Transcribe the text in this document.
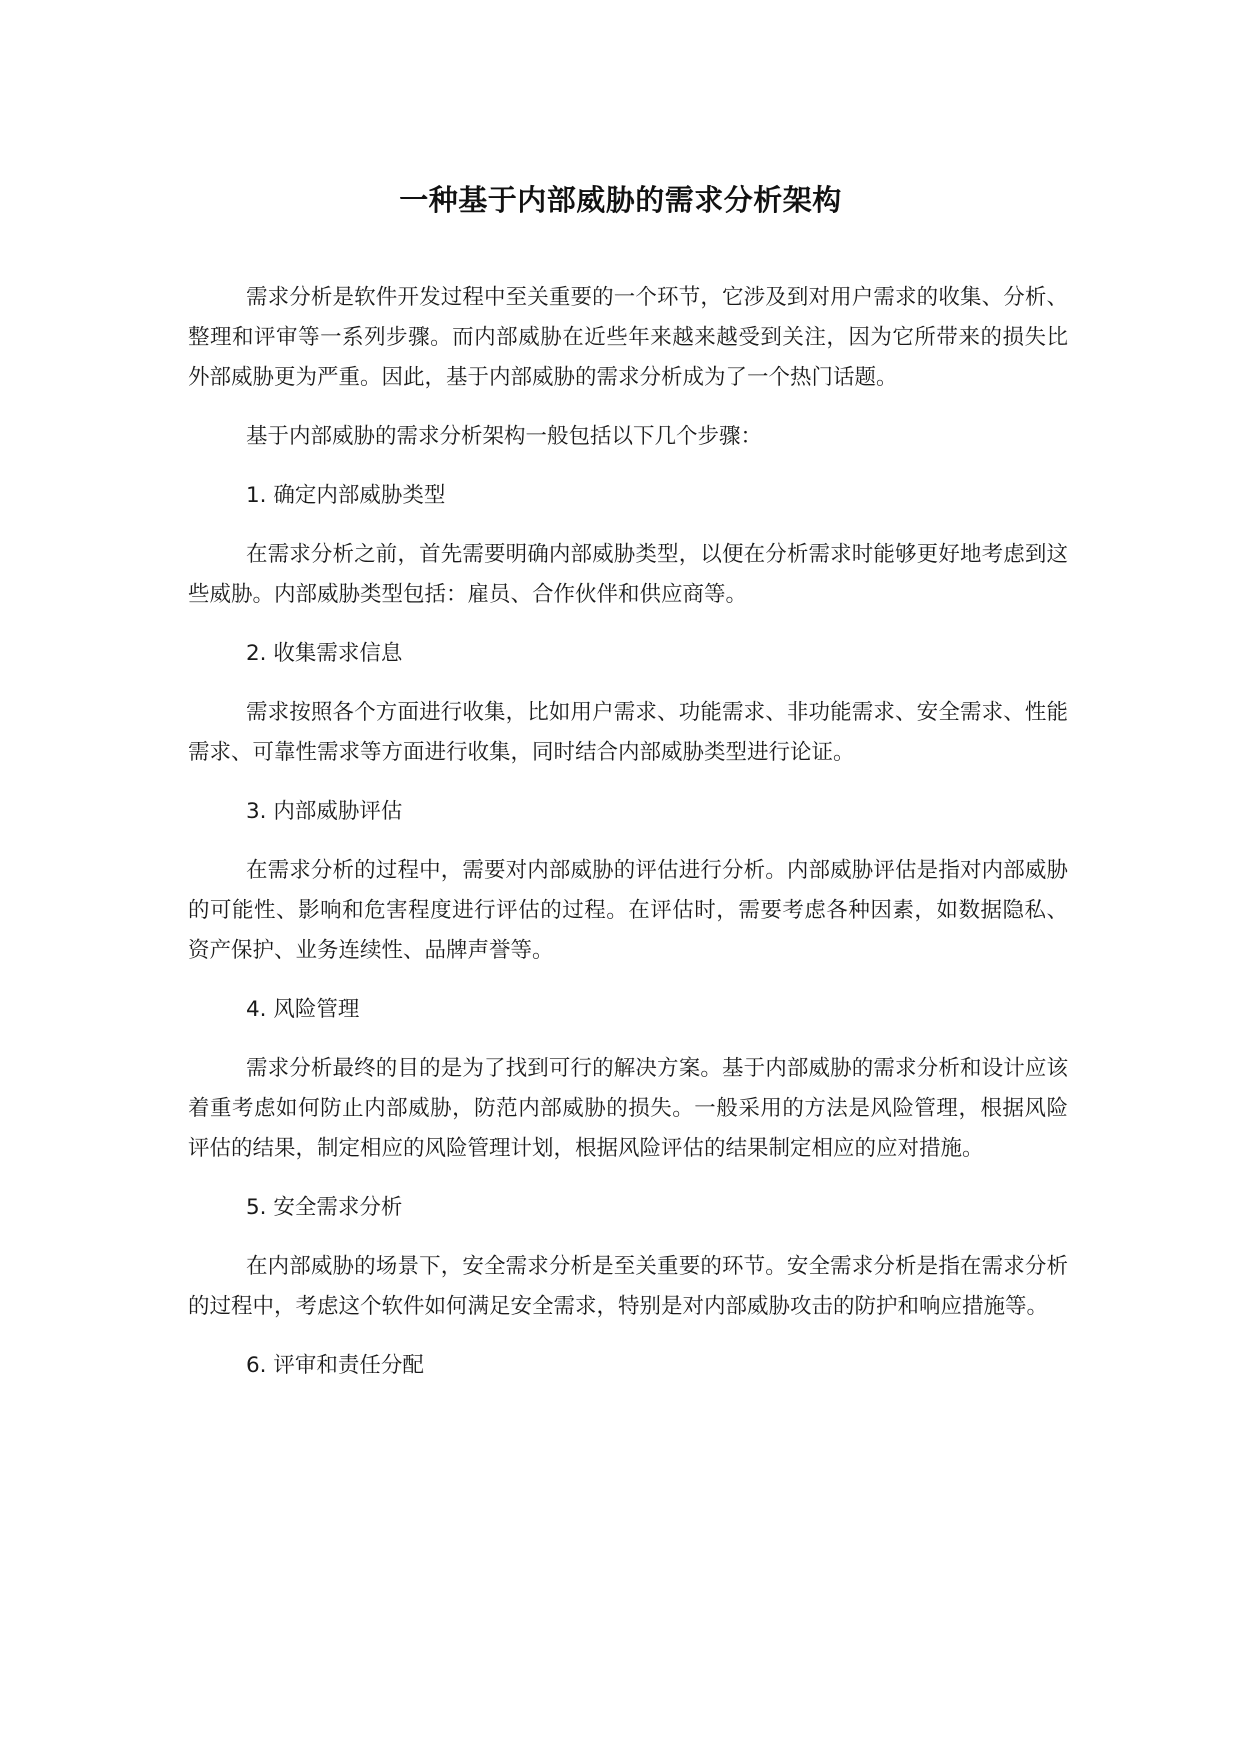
一种基于内部威胁的需求分析架构

需求分析是软件开发过程中至关重要的一个环节，它涉及到对用户需求的收集、分析、整理和评审等一系列步骤。而内部威胁在近些年来越来越受到关注，因为它所带来的损失比外部威胁更为严重。因此，基于内部威胁的需求分析成为了一个热门话题。

基于内部威胁的需求分析架构一般包括以下几个步骤：

1. 确定内部威胁类型

在需求分析之前，首先需要明确内部威胁类型，以便在分析需求时能够更好地考虑到这些威胁。内部威胁类型包括：雇员、合作伙伴和供应商等。

2. 收集需求信息

需求按照各个方面进行收集，比如用户需求、功能需求、非功能需求、安全需求、性能需求、可靠性需求等方面进行收集，同时结合内部威胁类型进行论证。

3. 内部威胁评估

在需求分析的过程中，需要对内部威胁的评估进行分析。内部威胁评估是指对内部威胁的可能性、影响和危害程度进行评估的过程。在评估时，需要考虑各种因素，如数据隐私、资产保护、业务连续性、品牌声誉等。

4. 风险管理

需求分析最终的目的是为了找到可行的解决方案。基于内部威胁的需求分析和设计应该着重考虑如何防止内部威胁，防范内部威胁的损失。一般采用的方法是风险管理，根据风险评估的结果，制定相应的风险管理计划，根据风险评估的结果制定相应的应对措施。

5. 安全需求分析

在内部威胁的场景下，安全需求分析是至关重要的环节。安全需求分析是指在需求分析的过程中，考虑这个软件如何满足安全需求，特别是对内部威胁攻击的防护和响应措施等。

6. 评审和责任分配
